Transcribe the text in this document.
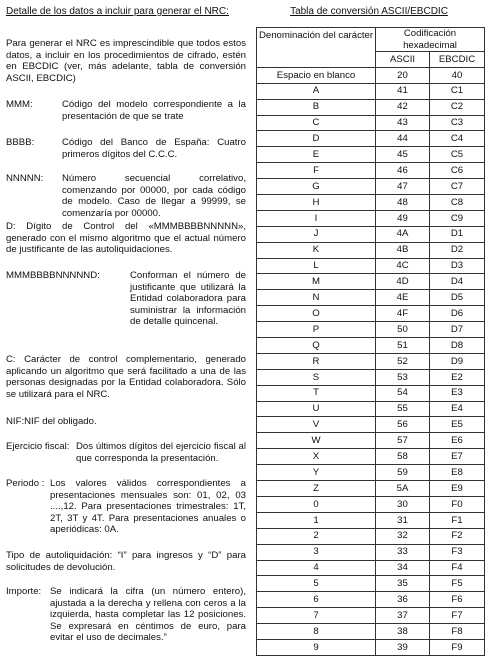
Detalle de los datos a incluir para generar el NRC:
Para generar el NRC es imprescindible que todos estos datos, a incluir en los procedimientos de cifrado, estén en EBCDIC (ver, más adelante, tabla de conversión ASCII, EBCDIC)
MMM:	Código del modelo correspondiente a la presentación de que se trate
BBBB:	Código del Banco de España: Cuatro primeros dígitos del C.C.C.
NNNNN:	Número secuencial correlativo, comenzando por 00000, por cada código de modelo. Caso de llegar a 99999, se comenzaría por 00000.
D: Dígito de Control del «MMMBBBBNNNNN», generado con el mismo algoritmo que el actual número de justificante de las autoliquidaciones.
MMMBBBBNNNNND:	Conforman el número de justificante que utilizará la Entidad colaboradora para suministrar la información de detalle quincenal.
C: Carácter de control complementario, generado aplicando un algoritmo que será facilitado a una de las personas designadas por la Entidad colaboradora. Sólo se utilizará para el NRC.
NIF:NIF del obligado.
Ejercicio fiscal: Dos últimos dígitos del ejercicio fiscal al que corresponda la presentación.
Periodo : Los valores válidos correspondientes a presentaciones mensuales son: 01, 02, 03 ....,12. Para presentaciones trimestrales: 1T, 2T, 3T y 4T. Para presentaciones anuales o aperiódicas: 0A.
Tipo de autoliquidación: “I” para ingresos y “D” para solicitudes de devolución.
Importe: Se indicará la cifra (un número entero), ajustada a la derecha y rellena con ceros a la izquierda, hasta completar las 12 posiciones. Se expresará en céntimos de euro, para evitar el uso de decimales.”
Tabla de conversión ASCII/EBCDIC
Denominación del carácter	Codificación hexadecimal	
	ASCII	EBCDIC
Espacio en blanco	20	40
A	41	C1
B	42	C2
C	43	C3
D	44	C4
E	45	C5
F	46	C6
G	47	C7
H	48	C8
I	49	C9
J	4A	D1
K	4B	D2
L	4C	D3
M	4D	D4
N	4E	D5
O	4F	D6
P	50	D7
Q	51	D8
R	52	D9
S	53	E2
T	54	E3
U	55	E4
V	56	E5
W	57	E6
X	58	E7
Y	59	E8
Z	5A	E9
0	30	F0
1	31	F1
2	32	F2
3	33	F3
4	34	F4
5	35	F5
6	36	F6
7	37	F7
8	38	F8
9	39	F9
